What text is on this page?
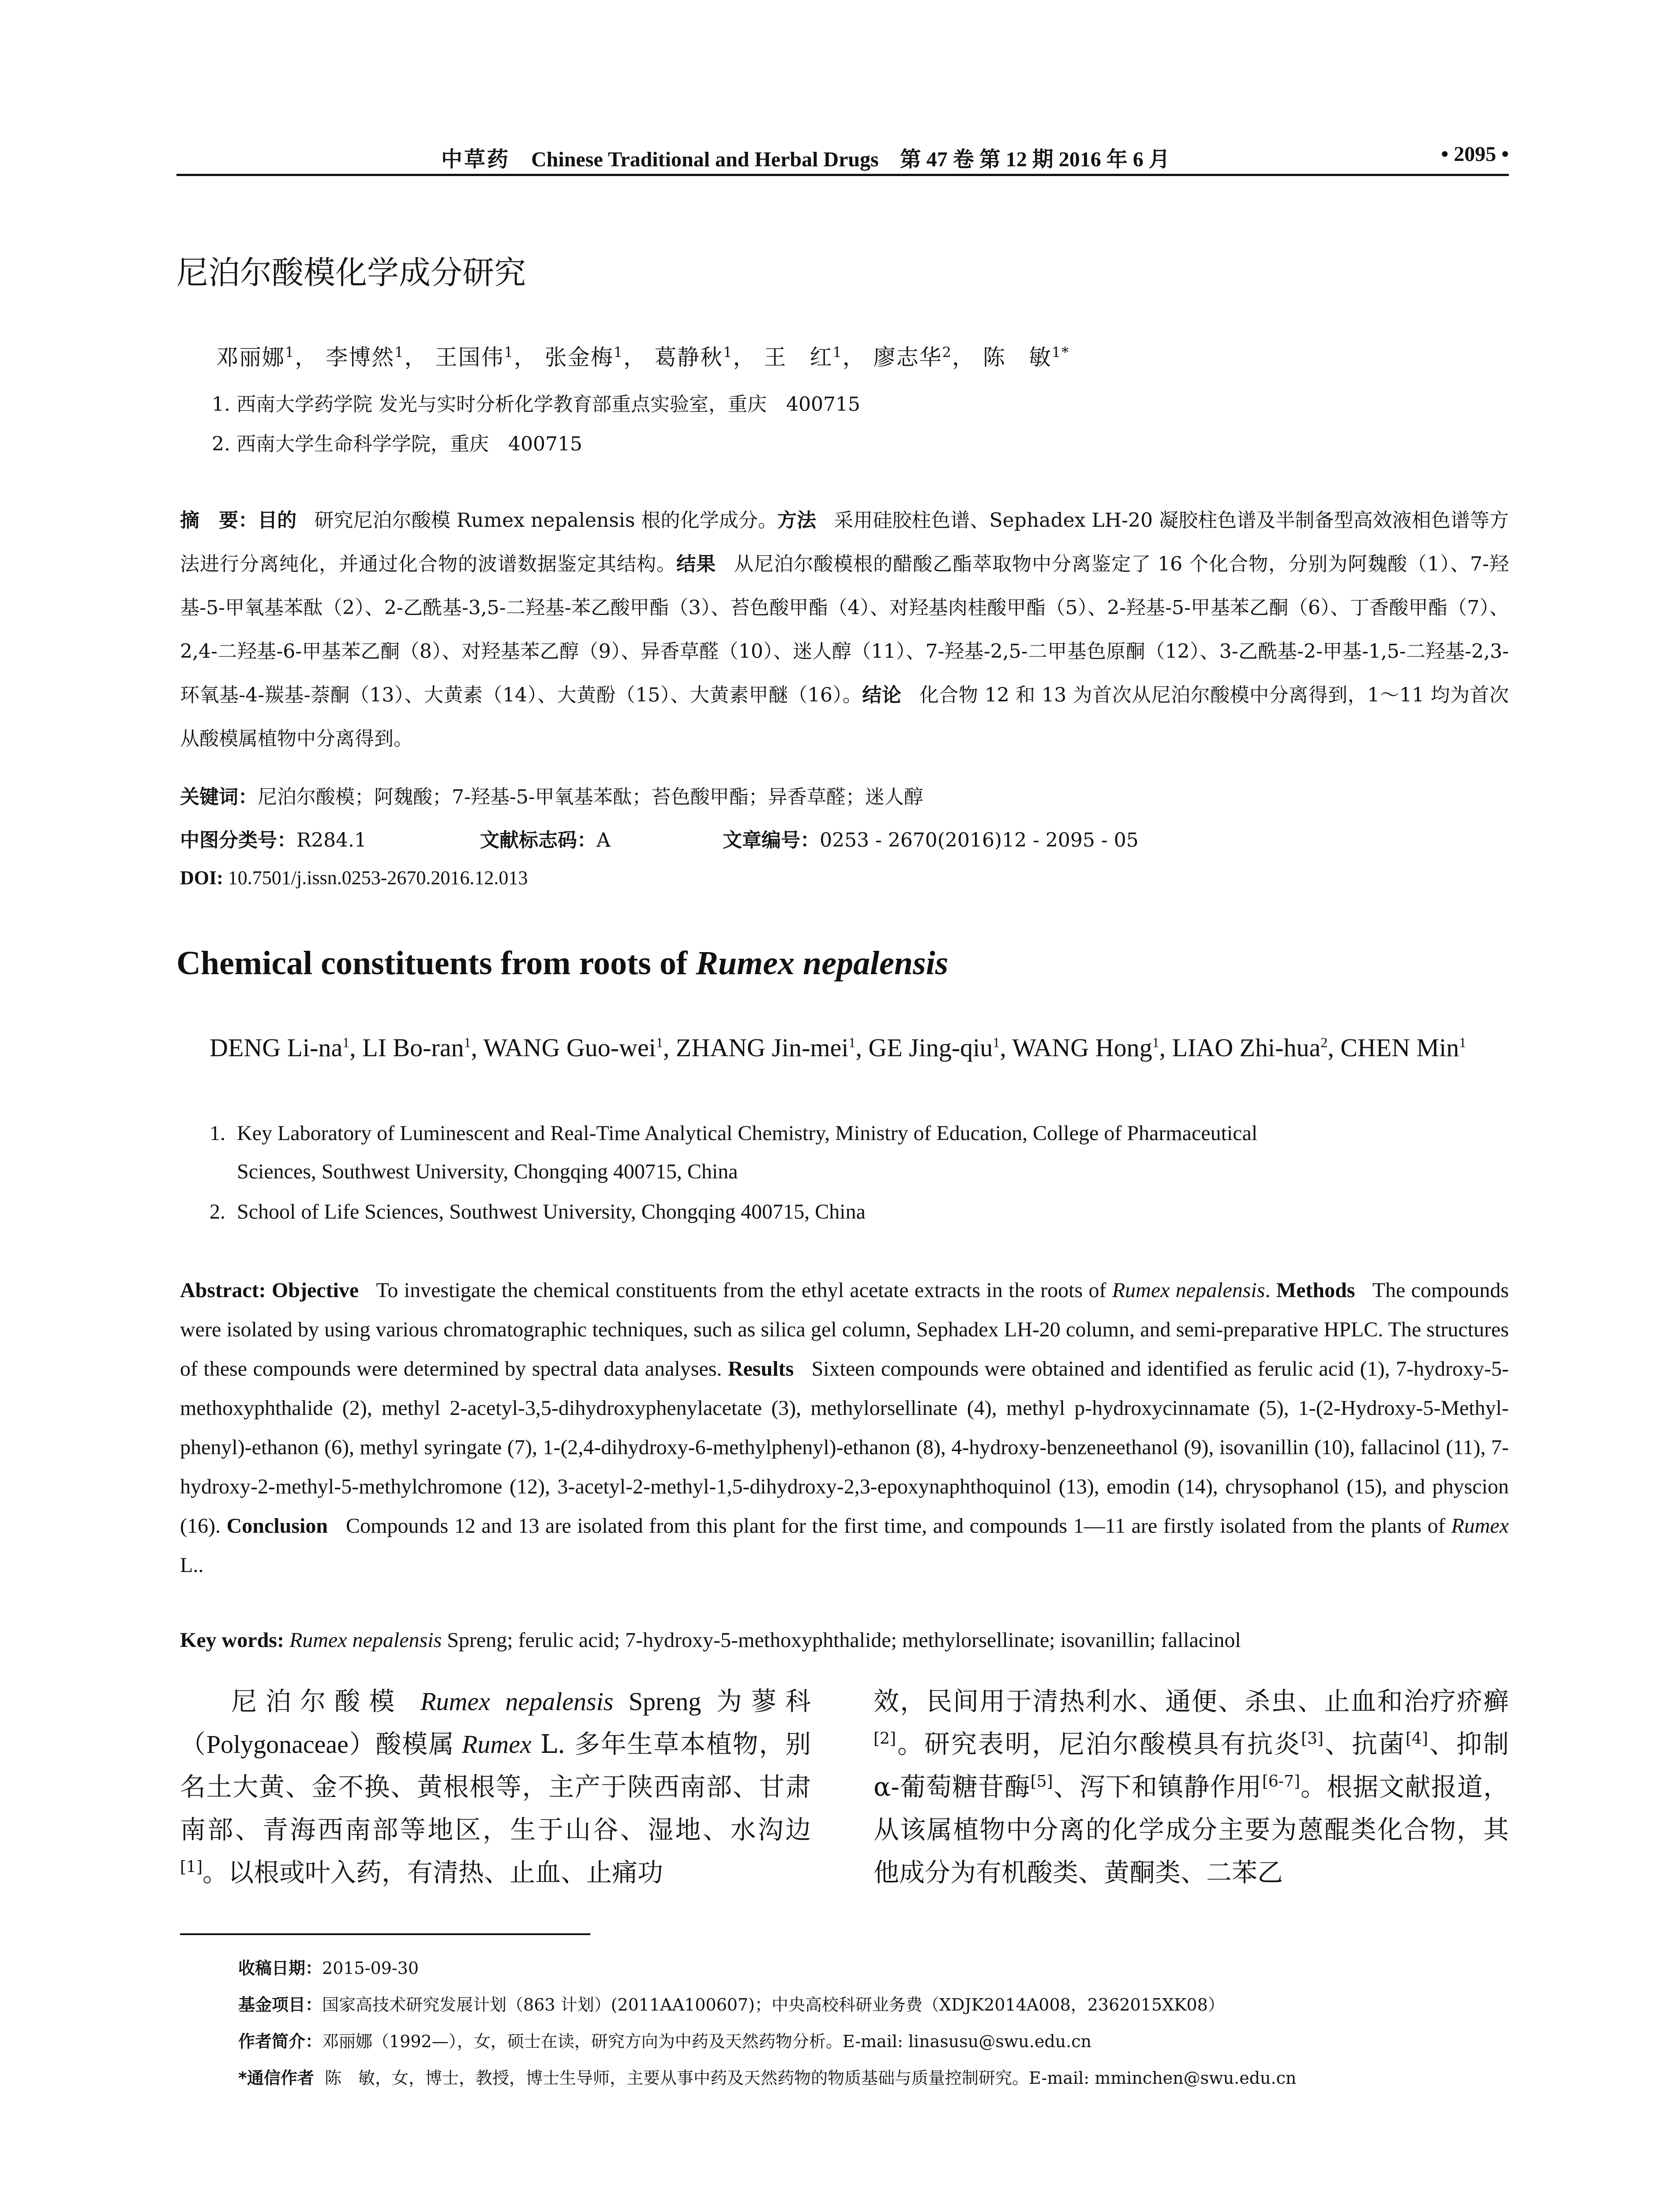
中草药 Chinese Traditional and Herbal Drugs 第 47 卷 第 12 期 2016 年 6 月	• 2095 •
尼泊尔酸模化学成分研究
邓丽娜$^1$， 李博然$^1$， 王国伟$^1$， 张金梅$^1$， 葛静秋$^1$， 王　红$^1$， 廖志华$^2$， 陈　敏$^{1*}$
1. 西南大学药学院 发光与实时分析化学教育部重点实验室，重庆　400715
2. 西南大学生命科学学院，重庆　400715
摘　要：目的 研究尼泊尔酸模 Rumex nepalensis 根的化学成分。方法 采用硅胶柱色谱、Sephadex LH-20 凝胶柱色谱及半制备型高效液相色谱等方法进行分离纯化，并通过化合物的波谱数据鉴定其结构。结果 从尼泊尔酸模根的醋酸乙酯萃取物中分离鉴定了 16 个化合物，分别为阿魏酸（1）、7-羟基-5-甲氧基苯酞（2）、2-乙酰基-3,5-二羟基-苯乙酸甲酯（3）、苔色酸甲酯（4）、对羟基肉桂酸甲酯（5）、2-羟基-5-甲基苯乙酮（6）、丁香酸甲酯（7）、2,4-二羟基-6-甲基苯乙酮（8）、对羟基苯乙醇（9）、异香草醛（10）、迷人醇（11）、7-羟基-2,5-二甲基色原酮（12）、3-乙酰基-2-甲基-1,5-二羟基-2,3-环氧基-4-羰基-萘酮（13）、大黄素（14）、大黄酚（15）、大黄素甲醚（16）。结论 化合物 12 和 13 为首次从尼泊尔酸模中分离得到，1～11 均为首次从酸模属植物中分离得到。
关键词：尼泊尔酸模；阿魏酸；7-羟基-5-甲氧基苯酞；苔色酸甲酯；异香草醛；迷人醇
中图分类号：R284.1	文献标志码：A	文章编号：0253 - 2670(2016)12 - 2095 - 05
DOI: 10.7501/j.issn.0253-2670.2016.12.013
Chemical constituents from roots of Rumex nepalensis
DENG $Li-na^1$, LI Bo-ran$^1$, WANG Guo-wei$^1$, ZHANG Jin-mei$^1$, GE Jing-qiu$^1$, WANG Hong$^1$, LIAO Zhi-hua$^2$, CHEN Min$^1$
1. Key Laboratory of Luminescent and Real-Time Analytical Chemistry, Ministry of Education, College of Pharmaceutical
Sciences, Southwest University, Chongqing 400715, China
2. School of Life Sciences, Southwest University, Chongqing 400715, China
Abstract: Objective To investigate the chemical constituents from the ethyl acetate extracts in the roots of Rumex nepalensis. Methods The compounds were isolated by using various chromatographic techniques, such as silica gel column, Sephadex LH-20 column, and semi-preparative HPLC. The structures of these compounds were determined by spectral data analyses. Results Sixteen compounds were obtained and identified as ferulic acid (1), 7-hydroxy-5-methoxyphthalide (2), methyl 2-acetyl-3,5-dihydroxyphenylacetate (3), methylorsellinate (4), methyl p-hydroxycinnamate (5), 1-(2-Hydroxy-5-Methyl-phenyl)-ethanon (6), methyl syringate (7), 1-(2,4-dihydroxy-6-methylphenyl)-ethanon (8), 4-hydroxy-benzeneethanol (9), isovanillin (10), fallacinol (11), 7-hydroxy-2-methyl-5-methylchromone (12), 3-acetyl-2-methyl-1,5-dihydroxy-2,3-epoxynaphthoquinol (13), emodin (14), chrysophanol (15), and physcion (16). Conclusion Compounds 12 and 13 are isolated from this plant for the first time, and compounds 1—11 are firstly isolated from the plants of Rumex L..
Key words: Rumex nepalensis Spreng; ferulic acid; 7-hydroxy-5-methoxyphthalide; methylorsellinate; isovanillin; fallacinol
尼泊尔酸模 Rumex nepalensis Spreng 为蓼科（Polygonaceae）酸模属 Rumex L. 多年生草本植物，别名土大黄、金不换、黄根根等，主产于陕西南部、甘肃南部、青海西南部等地区，生于山谷、湿地、水沟边[1]。以根或叶入药，有清热、止血、止痛功
效，民间用于清热利水、通便、杀虫、止血和治疗疥癣[2]。研究表明，尼泊尔酸模具有抗炎[3]、抗菌[4]、抑制 α-葡萄糖苷酶[5]、泻下和镇静作用[6-7]。根据文献报道，从该属植物中分离的化学成分主要为蒽醌类化合物，其他成分为有机酸类、黄酮类、二苯乙
收稿日期：2015-09-30
基金项目：国家高技术研究发展计划（863 计划）(2011AA100607)；中央高校科研业务费（XDJK2014A008，2362015XK08）
作者简介：邓丽娜（1992—），女，硕士在读，研究方向为中药及天然药物分析。E-mail: linasusu@swu.edu.cn
*通信作者 陈　敏，女，博士，教授，博士生导师，主要从事中药及天然药物的物质基础与质量控制研究。E-mail: mminchen@swu.edu.cn
